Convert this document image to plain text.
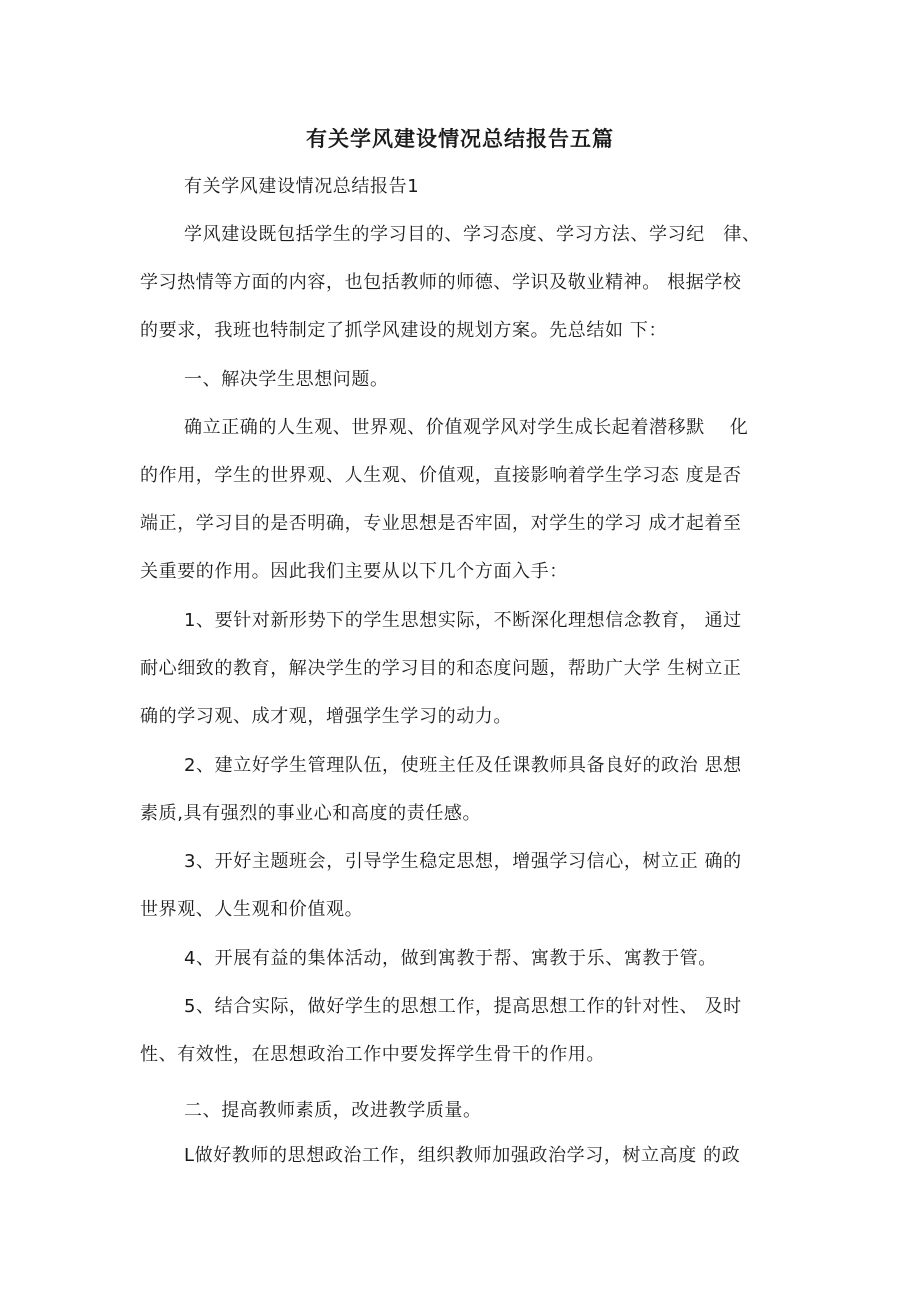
有关学风建设情况总结报告五篇
有关学风建设情况总结报告1
学风建设既包括学生的学习目的、学习态度、学习方法、学习纪　律、
学习热情等方面的内容，也包括教师的师德、学识及敬业精神。 根据学校
的要求，我班也特制定了抓学风建设的规划方案。先总结如 下：
一、解决学生思想问题。
确立正确的人生观、世界观、价值观学风对学生成长起着潜移默　 化
的作用，学生的世界观、人生观、价值观，直接影响着学生学习态 度是否
端正，学习目的是否明确，专业思想是否牢固，对学生的学习 成才起着至
关重要的作用。因此我们主要从以下几个方面入手：
1、要针对新形势下的学生思想实际，不断深化理想信念教育， 通过
耐心细致的教育，解决学生的学习目的和态度问题，帮助广大学 生树立正
确的学习观、成才观，增强学生学习的动力。
2、建立好学生管理队伍，使班主任及任课教师具备良好的政治 思想
素质,具有强烈的事业心和高度的责任感。
3、开好主题班会，引导学生稳定思想，增强学习信心，树立正 确的
世界观、人生观和价值观。
4、开展有益的集体活动，做到寓教于帮、寓教于乐、寓教于管。
5、结合实际，做好学生的思想工作，提高思想工作的针对性、 及时
性、有效性，在思想政治工作中要发挥学生骨干的作用。
二、提高教师素质，改进教学质量。
L做好教师的思想政治工作，组织教师加强政治学习，树立高度 的政
